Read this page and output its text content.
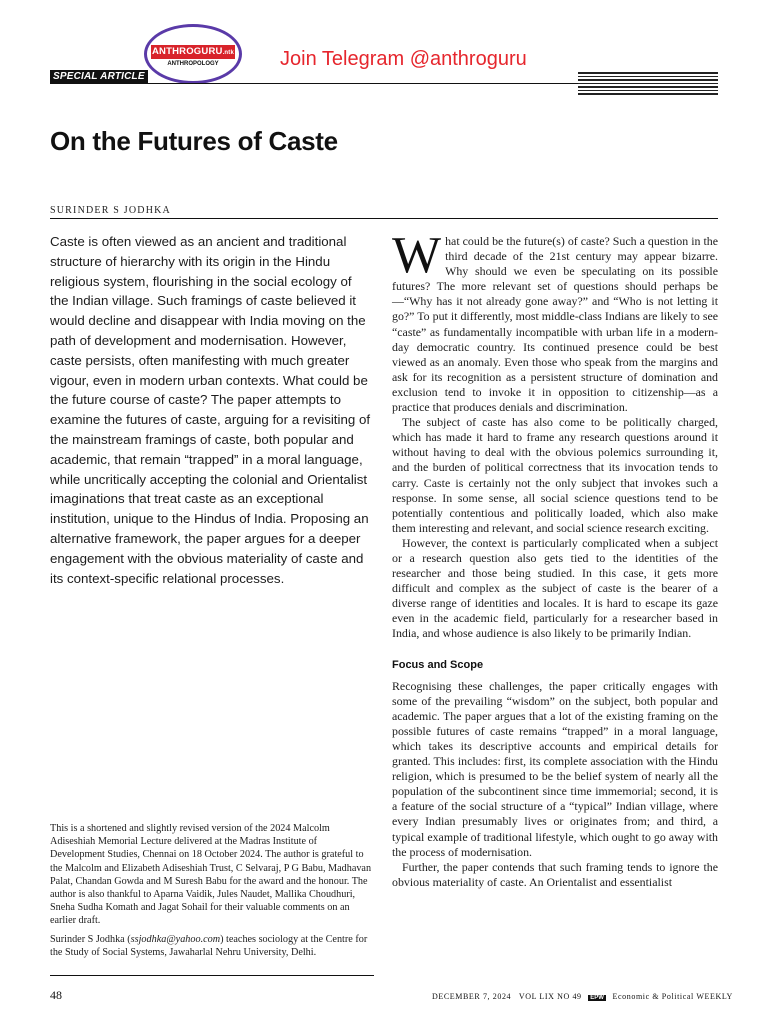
ANTHROGURU.ntk
ANTHROPOLOGY	Join Telegram @anthroguru
SPECIAL ARTICLE
On the Futures of Caste
SURINDER S JODHKA

Caste is often viewed as an ancient and traditional structure of hierarchy with its origin in the Hindu religious system, flourishing in the social ecology of the Indian village. Such framings of caste believed it would decline and disappear with India moving on the path of development and modernisation. However, caste persists, often manifesting with much greater vigour, even in modern urban contexts. What could be the future course of caste? The paper attempts to examine the futures of caste, arguing for a revisiting of the mainstream framings of caste, both popular and academic, that remain “trapped” in a moral language, while uncritically accepting the colonial and Orientalist imaginations that treat caste as an exceptional institution, unique to the Hindus of India. Proposing an alternative framework, the paper argues for a deeper engagement with the obvious materiality of caste and its context-specific relational processes.

This is a shortened and slightly revised version of the 2024 Malcolm Adiseshiah Memorial Lecture delivered at the Madras Institute of Development Studies, Chennai on 18 October 2024. The author is grateful to the Malcolm and Elizabeth Adiseshiah Trust, C Selvaraj, P G Babu, Madhavan Palat, Chandan Gowda and M Suresh Babu for the award and the honour. The author is also thankful to Aparna Vaidik, Jules Naudet, Mallika Choudhuri, Sneha Sudha Komath and Jagat Sohail for their valuable comments on an earlier draft.

Surinder S Jodhka (ssjodhka@yahoo.com) teaches sociology at the Centre for the Study of Social Systems, Jawaharlal Nehru University, Delhi.

What could be the future(s) of caste? Such a question in the third decade of the 21st century may appear bizarre. Why should we even be speculating on its possible futures? The more relevant set of questions should perhaps be—“Why has it not already gone away?” and “Who is not letting it go?” To put it differently, most middle-class Indians are likely to see “caste” as fundamentally incompatible with urban life in a modern-day democratic country. Its continued presence could be best viewed as an anomaly. Even those who speak from the margins and ask for its recognition as a persistent structure of domination and exclusion tend to invoke it in opposition to citizenship—as a practice that produces denials and discrimination.

The subject of caste has also come to be politically charged, which has made it hard to frame any research questions around it without having to deal with the obvious polemics surrounding it, and the burden of political correctness that its invocation tends to carry. Caste is certainly not the only subject that invokes such a response. In some sense, all social science questions tend to be potentially contentious and politically loaded, which also make them interesting and relevant, and social science research exciting.

However, the context is particularly complicated when a subject or a research question also gets tied to the identities of the researcher and those being studied. In this case, it gets more difficult and complex as the subject of caste is the bearer of a diverse range of identities and locales. It is hard to escape its gaze even in the academic field, particularly for a researcher based in India, and whose audience is also likely to be primarily Indian.

Focus and Scope

Recognising these challenges, the paper critically engages with some of the prevailing “wisdom” on the subject, both popular and academic. The paper argues that a lot of the existing framing on the possible futures of caste remains “trapped” in a moral language, which takes its descriptive accounts and empirical details for granted. This includes: first, its complete association with the Hindu religion, which is presumed to be the belief system of nearly all the population of the subcontinent since time immemorial; second, it is a feature of the social structure of a “typical” Indian village, where every Indian presumably lives or originates from; and third, a typical example of traditional lifestyle, which ought to go away with the process of modernisation.

Further, the paper contends that such framing tends to ignore the obvious materiality of caste. An Orientalist and essentialist

48	DECEMBER 7, 2024 VOL LIX NO 49 EPW Economic & Political WEEKLY
